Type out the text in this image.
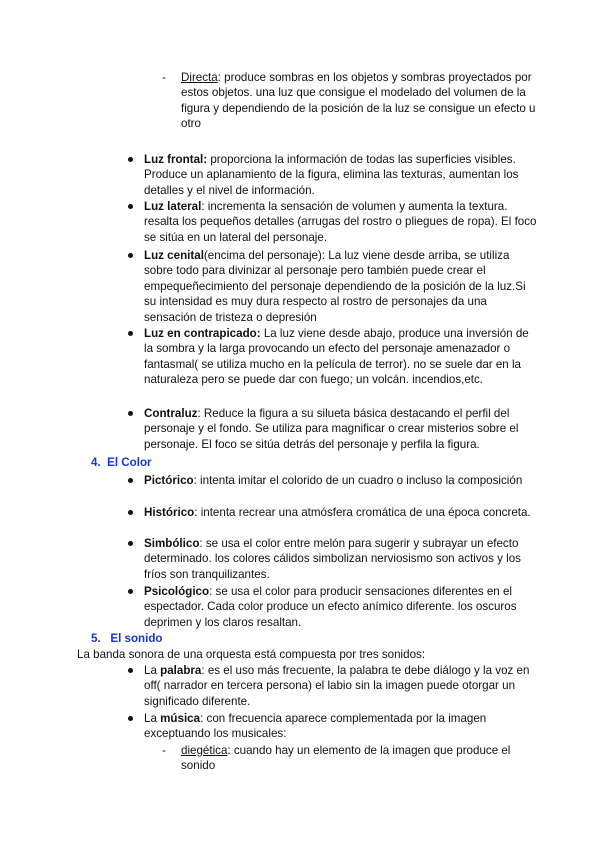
- Directa: produce sombras en los objetos y sombras proyectados por estos objetos. una luz que consigue el modelado del volumen de la figura y dependiendo de la posición de la luz se consigue un efecto u otro
Luz frontal: proporciona la información de todas las superficies visibles. Produce un aplanamiento de la figura, elimina las texturas, aumentan los detalles y el nivel de información.
Luz lateral: incrementa la sensación de volumen y aumenta la textura. resalta los pequeños detalles (arrugas del rostro o pliegues de ropa). El foco se sitúa en un lateral del personaje.
Luz cenital(encima del personaje): La luz viene desde arriba, se utiliza sobre todo para divinizar al personaje pero también puede crear el empequeñecimiento del personaje dependiendo de la posición de la luz.Si su intensidad es muy dura respecto al rostro de personajes da una sensación de tristeza o depresión
Luz en contrapicado: La luz viene desde abajo, produce una inversión de la sombra y la larga provocando un efecto del personaje amenazador o fantasmal( se utiliza mucho en la película de terror). no se suele dar en la naturaleza pero se puede dar con fuego; un volcán. incendios,etc.
Contraluz: Reduce la figura a su silueta básica destacando el perfil del personaje y el fondo. Se utiliza para magnificar o crear misterios sobre el personaje. El foco se sitúa detrás del personaje y perfila la figura.
4. El Color
Pictórico: intenta imitar el colorido de un cuadro o incluso la composición
Histórico: intenta recrear una atmósfera cromática de una época concreta.
Simbólico: se usa el color entre melón para sugerir y subrayar un efecto determinado. los colores cálidos simbolizan nerviosismo son activos y los fríos son tranquilizantes.
Psicológico: se usa el color para producir sensaciones diferentes en el espectador. Cada color produce un efecto anímico diferente. los oscuros deprimen y los claros resaltan.
5. El sonido
La banda sonora de una orquesta está compuesta por tres sonidos:
La palabra: es el uso más frecuente, la palabra te debe diálogo y la voz en off( narrador en tercera persona) el labio sin la imagen puede otorgar un significado diferente.
La música: con frecuencia aparece complementada por la imagen exceptuando los musicales:
- diegética: cuando hay un elemento de la imagen que produce el sonido
